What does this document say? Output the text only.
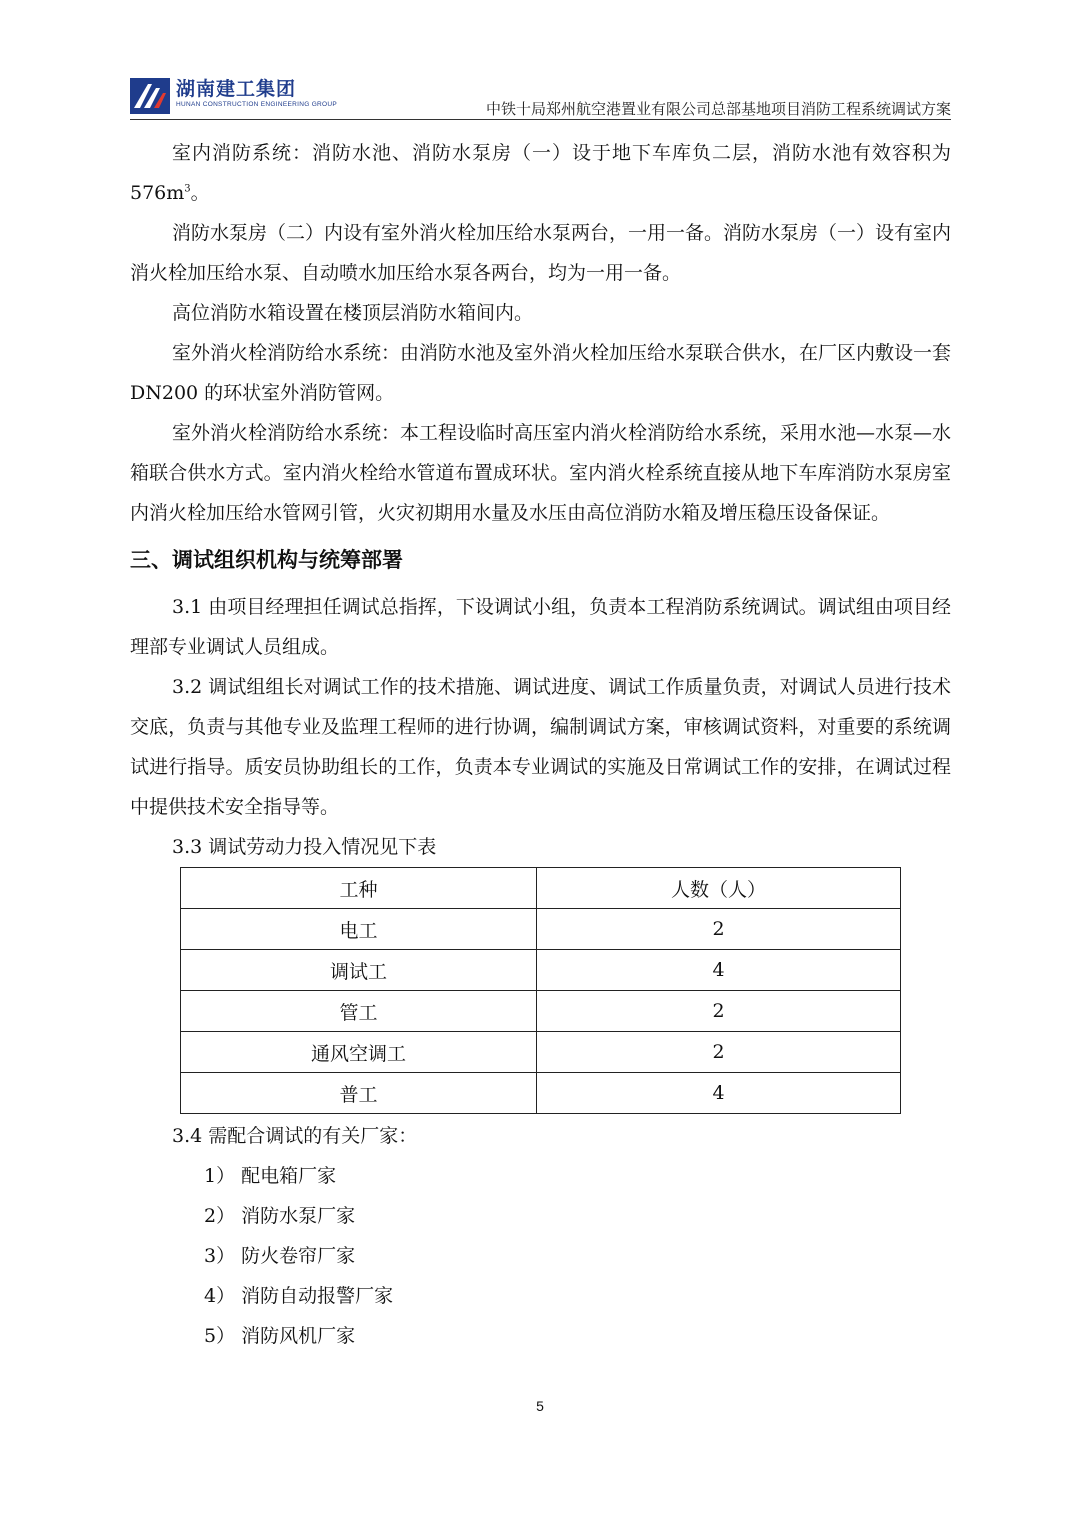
湖南建工集团
HUNAN CONSTRUCTION ENGINEERING GROUP	中铁十局郑州航空港置业有限公司总部基地项目消防工程系统调试方案

室内消防系统：消防水池、消防水泵房（一）设于地下车库负二层，消防水池有效容积为 $576m^3$。

消防水泵房（二）内设有室外消火栓加压给水泵两台，一用一备。消防水泵房（一）设有室内消火栓加压给水泵、自动喷水加压给水泵各两台，均为一用一备。

高位消防水箱设置在楼顶层消防水箱间内。

室外消火栓消防给水系统：由消防水池及室外消火栓加压给水泵联合供水，在厂区内敷设一套 DN200 的环状室外消防管网。

室外消火栓消防给水系统：本工程设临时高压室内消火栓消防给水系统，采用水池—水泵—水箱联合供水方式。室内消火栓给水管道布置成环状。室内消火栓系统直接从地下车库消防水泵房室内消火栓加压给水管网引管，火灾初期用水量及水压由高位消防水箱及增压稳压设备保证。

三、调试组织机构与统筹部署

3.1 由项目经理担任调试总指挥，下设调试小组，负责本工程消防系统调试。调试组由项目经理部专业调试人员组成。

3.2 调试组组长对调试工作的技术措施、调试进度、调试工作质量负责，对调试人员进行技术交底，负责与其他专业及监理工程师的进行协调，编制调试方案，审核调试资料，对重要的系统调试进行指导。质安员协助组长的工作，负责本专业调试的实施及日常调试工作的安排，在调试过程中提供技术安全指导等。

3.3 调试劳动力投入情况见下表

工种	人数（人）
电工	2
调试工	4
管工	2
通风空调工	2
普工	4

3.4 需配合调试的有关厂家：

1） 配电箱厂家

2） 消防水泵厂家

3） 防火卷帘厂家

4） 消防自动报警厂家

5） 消防风机厂家

5
